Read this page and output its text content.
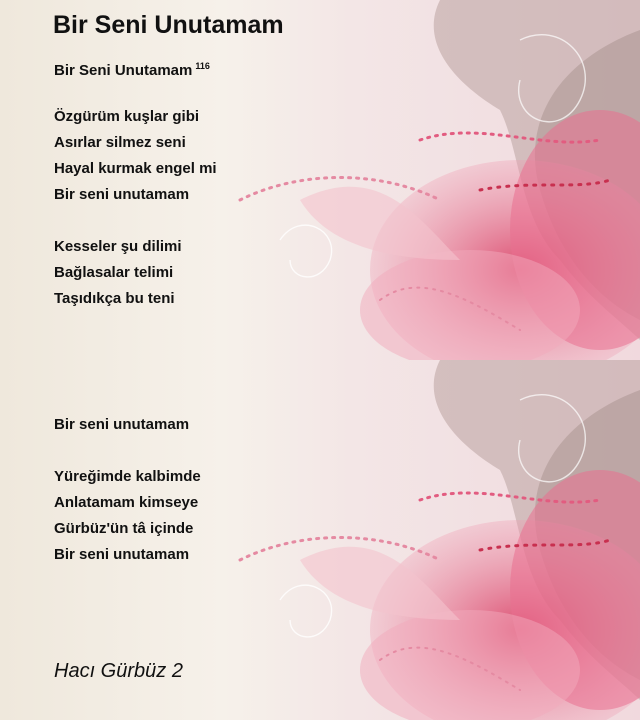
Bir Seni Unutamam
Bir Seni Unutamam $^{116}$
Özgürüm kuşlar gibi
Asırlar silmez seni
Hayal kurmak engel mi
Bir seni unutamam
Kesseler şu dilimi
Bağlasalar telimi
Taşıdıkça bu teni
Bir seni unutamam
Yüreğimde kalbimde
Anlatamam kimseye
Gürbüz'ün tâ içinde
Bir seni unutamam
Hacı Gürbüz 2
